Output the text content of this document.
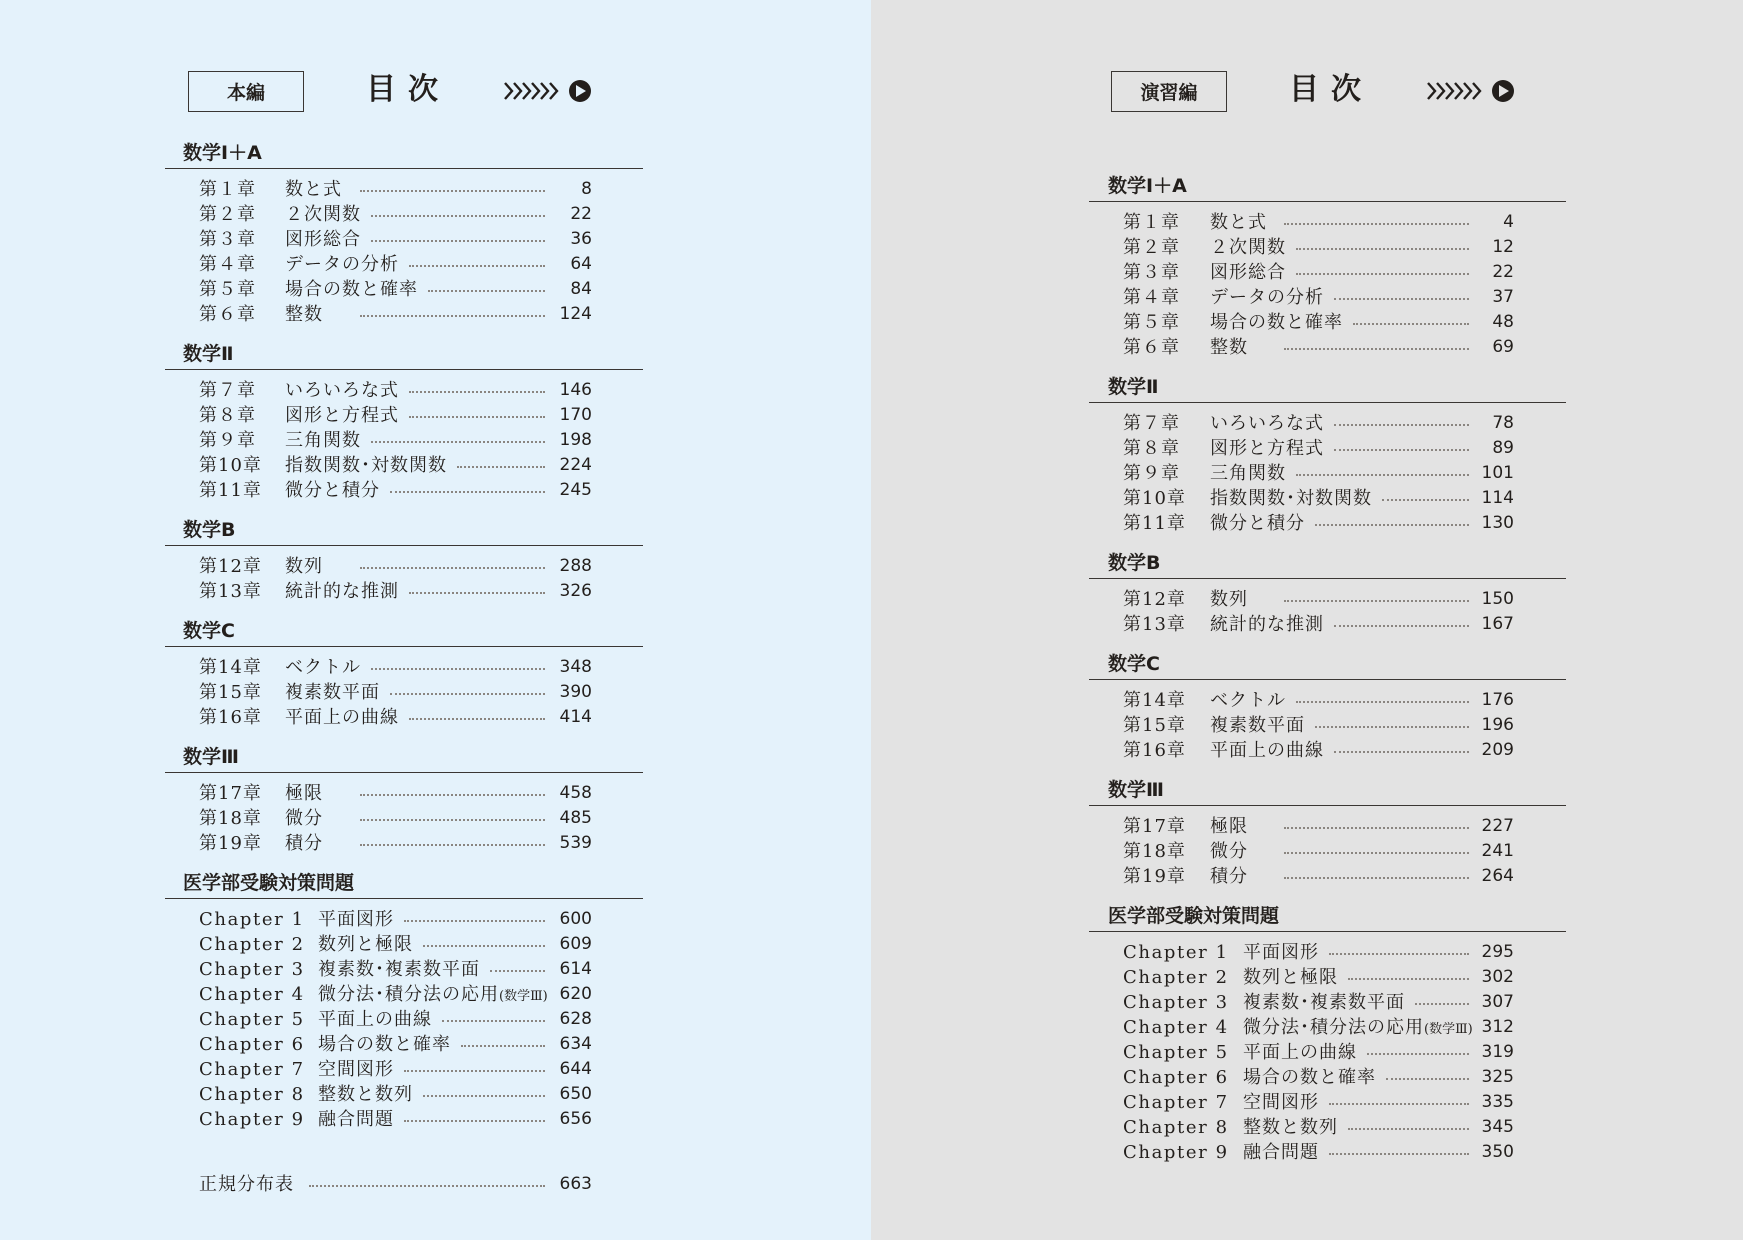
本編	目次
数学Ⅰ＋A
第１章 数と式	8
第２章 ２次関数	22
第３章 図形総合	36
第４章 データの分析	64
第５章 場合の数と確率	84
第６章 整数	124
数学Ⅱ
第７章 いろいろな式	146
第８章 図形と方程式	170
第９章 三角関数	198
第10章 指数関数･対数関数	224
第11章 微分と積分	245
数学B
第12章 数列	288
第13章 統計的な推測	326
数学C
第14章 ベクトル	348
第15章 複素数平面	390
第16章 平面上の曲線	414
数学Ⅲ
第17章 極限	458
第18章 微分	485
第19章 積分	539
医学部受験対策問題
Chapter 1 平面図形	600
Chapter 2 数列と極限	609
Chapter 3 複素数･複素数平面	614
Chapter 4 微分法･積分法の応用(数学Ⅲ) 620
Chapter 5 平面上の曲線	628
Chapter 6 場合の数と確率	634
Chapter 7 空間図形	644
Chapter 8 整数と数列	650
Chapter 9 融合問題	656
正規分布表	663
演習編	目次
数学Ⅰ＋A
第１章 数と式	4
第２章 ２次関数	12
第３章 図形総合	22
第４章 データの分析	37
第５章 場合の数と確率	48
第６章 整数	69
数学Ⅱ
第７章 いろいろな式	78
第８章 図形と方程式	89
第９章 三角関数	101
第10章 指数関数･対数関数	114
第11章 微分と積分	130
数学B
第12章 数列	150
第13章 統計的な推測	167
数学C
第14章 ベクトル	176
第15章 複素数平面	196
第16章 平面上の曲線	209
数学Ⅲ
第17章 極限	227
第18章 微分	241
第19章 積分	264
医学部受験対策問題
Chapter 1 平面図形	295
Chapter 2 数列と極限	302
Chapter 3 複素数･複素数平面	307
Chapter 4 微分法･積分法の応用(数学Ⅲ) 312
Chapter 5 平面上の曲線	319
Chapter 6 場合の数と確率	325
Chapter 7 空間図形	335
Chapter 8 整数と数列	345
Chapter 9 融合問題	350
